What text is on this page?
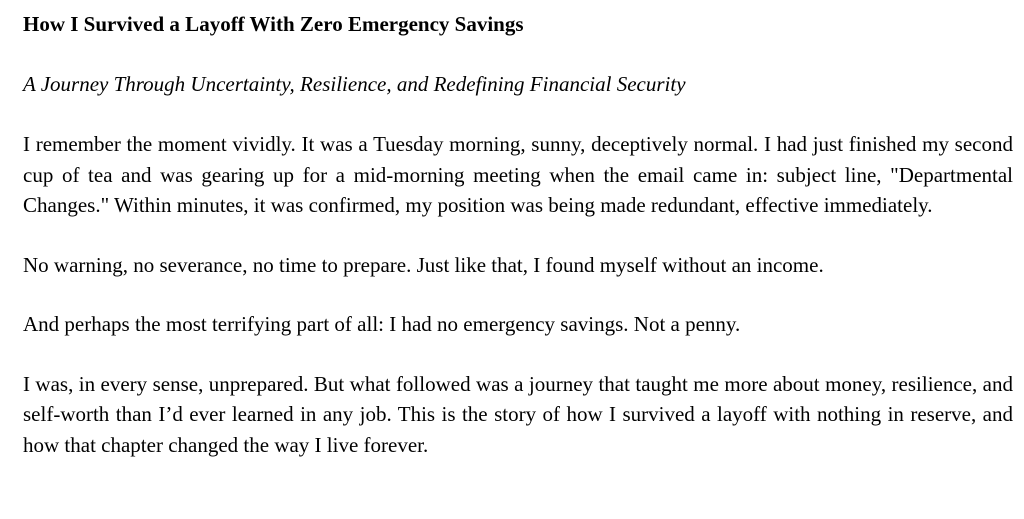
How I Survived a Layoff With Zero Emergency Savings

A Journey Through Uncertainty, Resilience, and Redefining Financial Security

I remember the moment vividly. It was a Tuesday morning, sunny, deceptively normal. I had just finished my second cup of tea and was gearing up for a mid-morning meeting when the email came in: subject line, "Departmental Changes." Within minutes, it was confirmed, my position was being made redundant, effective immediately.

No warning, no severance, no time to prepare. Just like that, I found myself without an income.

And perhaps the most terrifying part of all: I had no emergency savings. Not a penny.

I was, in every sense, unprepared. But what followed was a journey that taught me more about money, resilience, and self-worth than I’d ever learned in any job. This is the story of how I survived a layoff with nothing in reserve, and how that chapter changed the way I live forever.
